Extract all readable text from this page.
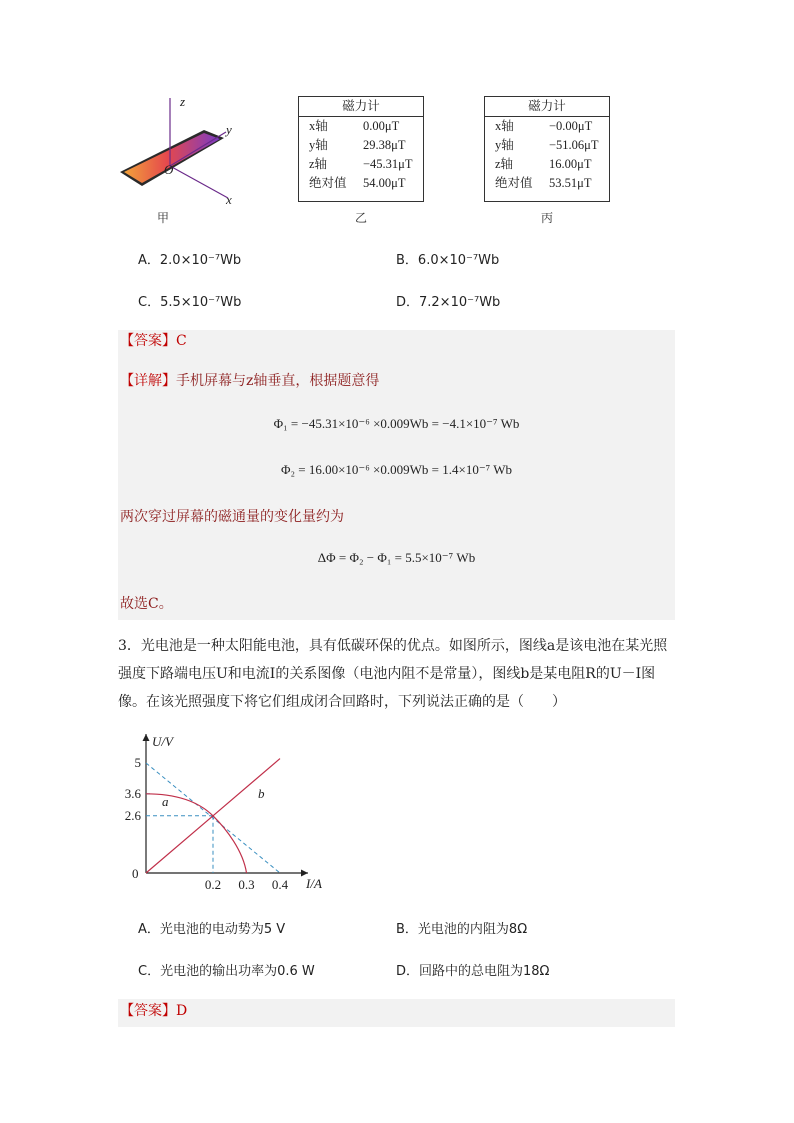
z
y
O
x
甲
磁力计
x轴	0.00μT
y轴	29.38μT
z轴	−45.31μT
绝对值 54.00μT
乙
磁力计
x轴	−0.00μT
y轴	−51.06μT
z轴	16.00μT
绝对值 53.51μT
丙
A．2.0×10⁻⁷Wb	B．6.0×10⁻⁷Wb
C．5.5×10⁻⁷Wb	D．7.2×10⁻⁷Wb
【答案】C
【详解】手机屏幕与z轴垂直，根据题意得
Φ₁ = −45.31×10⁻⁶ ×0.009Wb = −4.1×10⁻⁷ Wb
Φ₂ = 16.00×10⁻⁶ ×0.009Wb = 1.4×10⁻⁷ Wb
两次穿过屏幕的磁通量的变化量约为
ΔΦ = Φ₂ − Φ₁ = 5.5×10⁻⁷ Wb
故选C。
3．光电池是一种太阳能电池，具有低碳环保的优点。如图所示，图线a是该电池在某光照强度下路端电压U和电流I的关系图像（电池内阻不是常量），图线b是某电阻R的U－I图像。在该光照强度下将它们组成闭合回路时，下列说法正确的是（　　）
U/V
I/A
0
5
3.6
2.6
0.2 0.3 0.4
a
b
A．光电池的电动势为5 V	B．光电池的内阻为8Ω
C．光电池的输出功率为0.6 W	D．回路中的总电阻为18Ω
【答案】D
